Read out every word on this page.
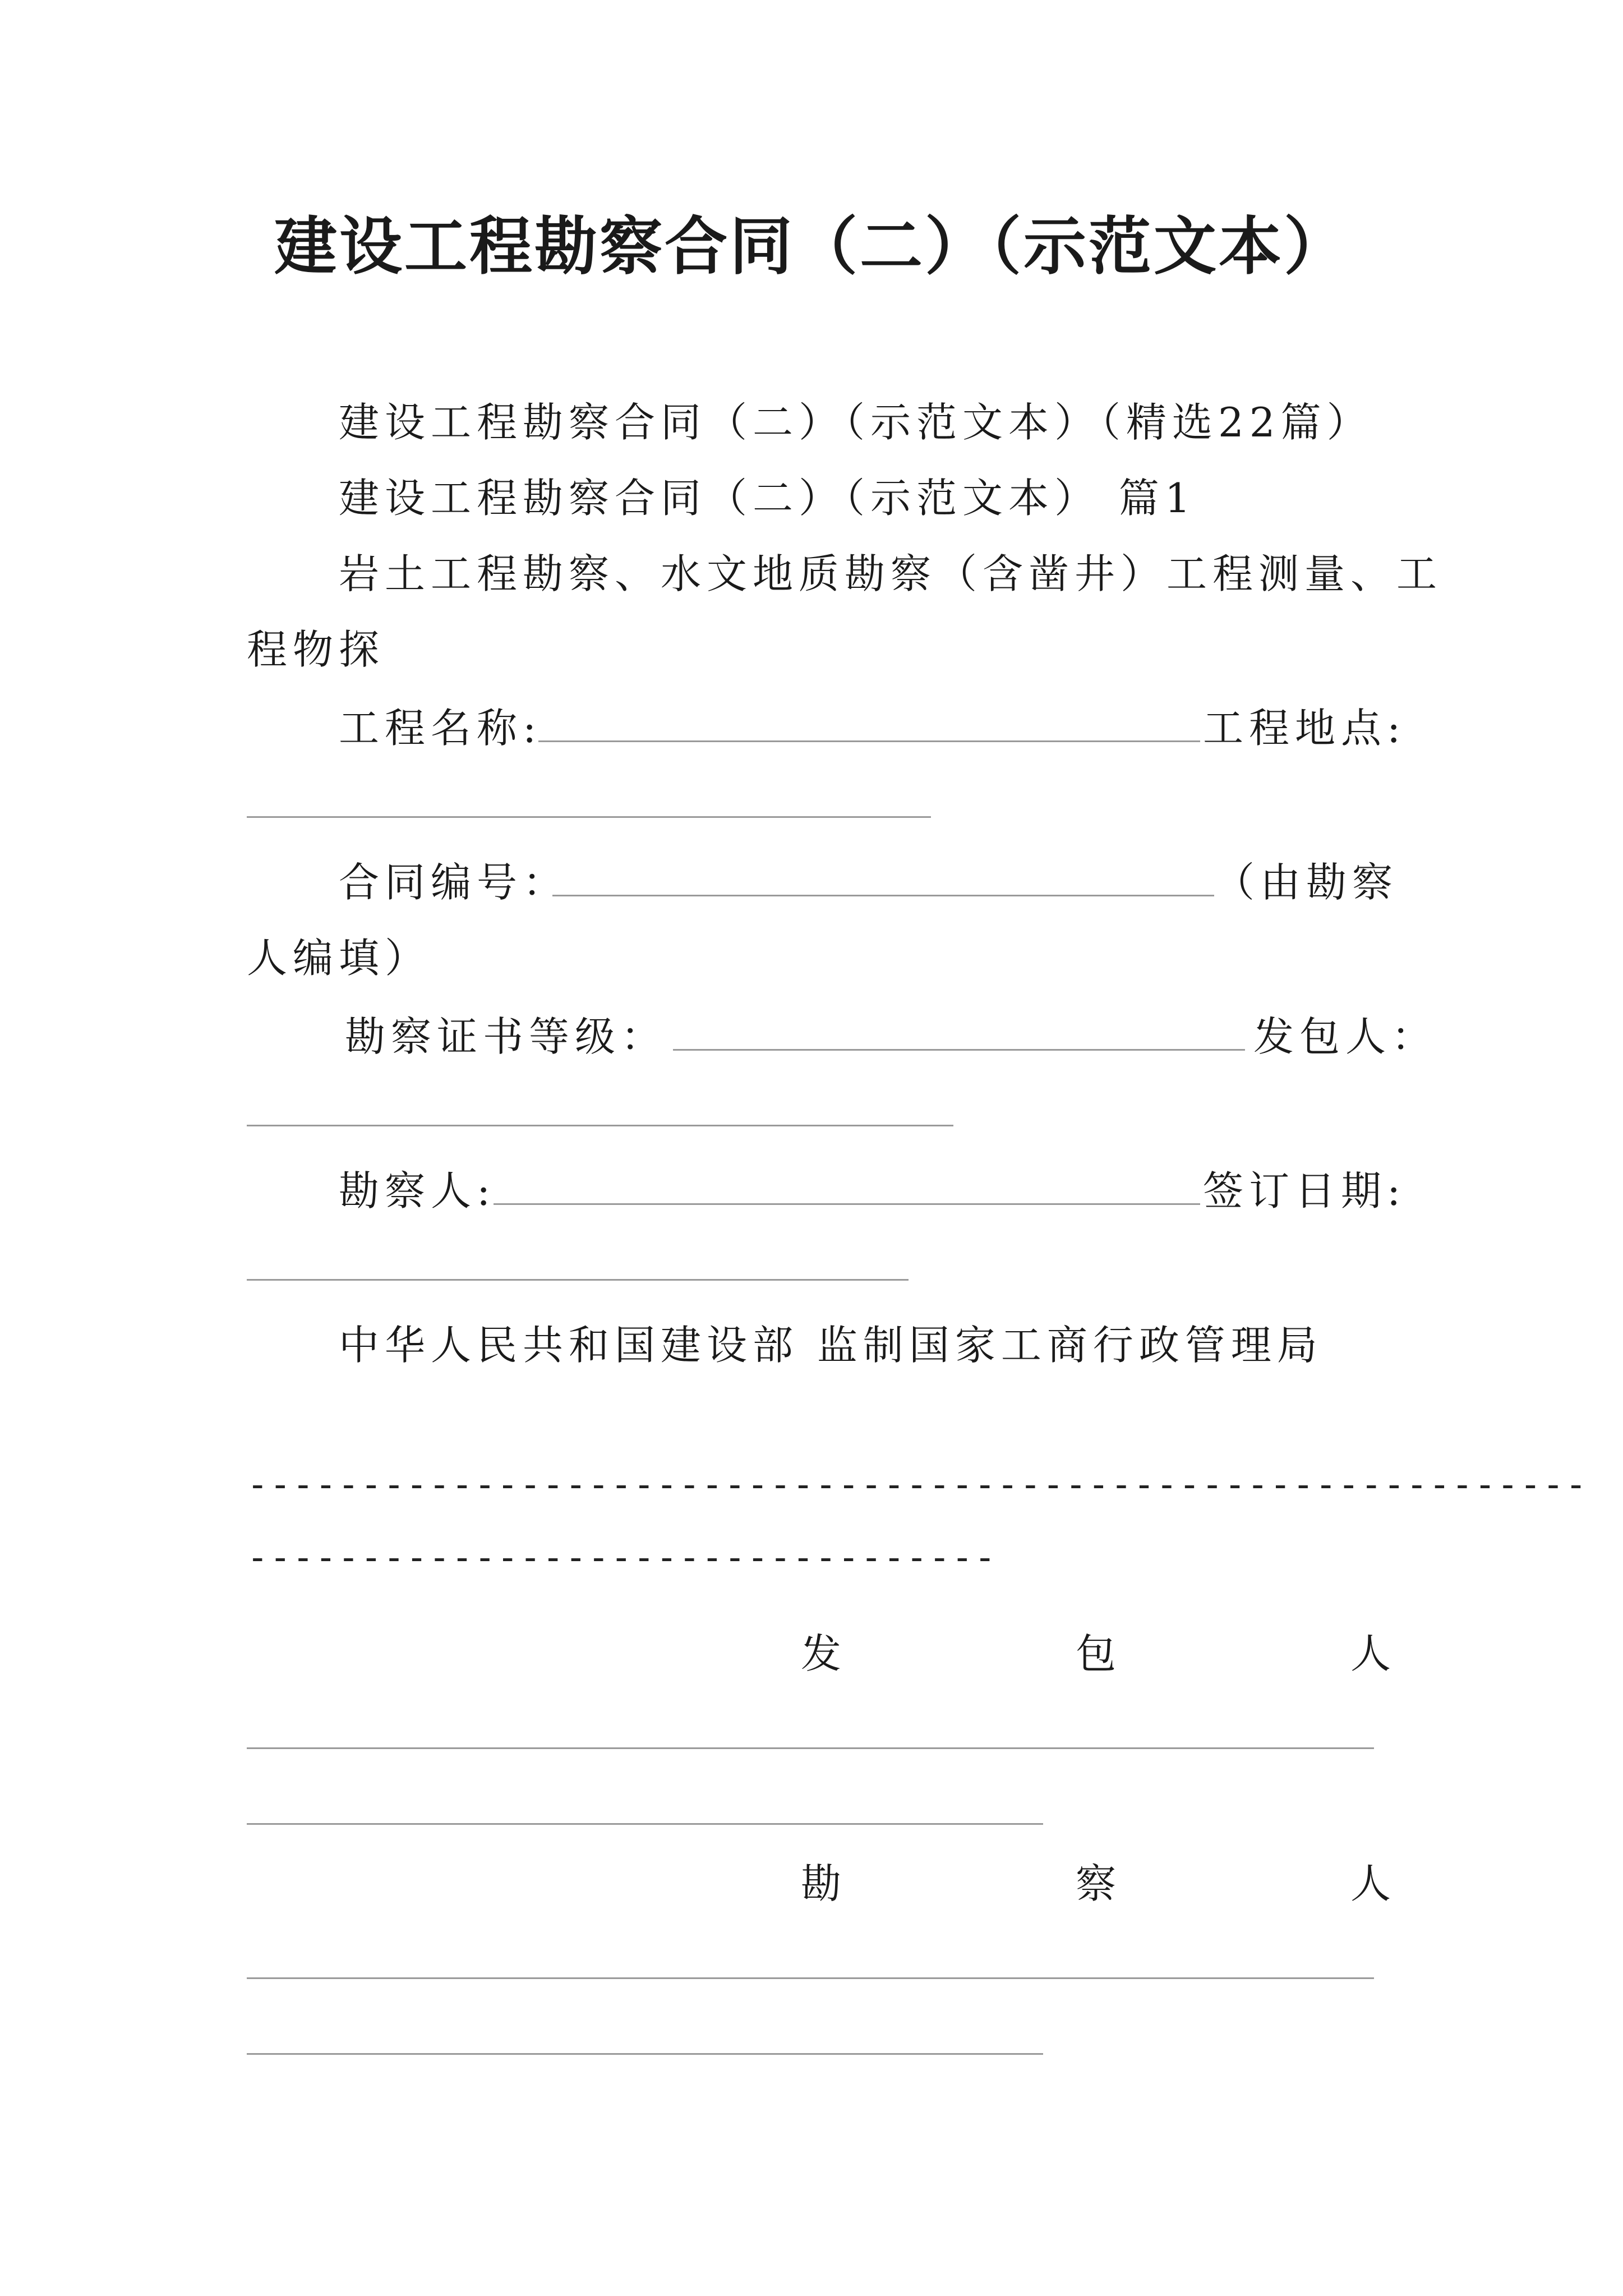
建设工程勘察合同（二）（示范文本）
建设工程勘察合同（二）（示范文本）（精选22篇）
建设工程勘察合同（二）（示范文本） 篇1
岩土工程勘察、水文地质勘察（含凿井）工程测量、工
程物探
工程名称:	工程地点:
合同编号：	（由勘察
人编填）
勘察证书等级：	发包人：
勘察人:	签订日期:
中华人民共和国建设部 监制国家工商行政管理局
-----------------------------------------------------------
---------------------------------
发	包	人
勘	察	人
